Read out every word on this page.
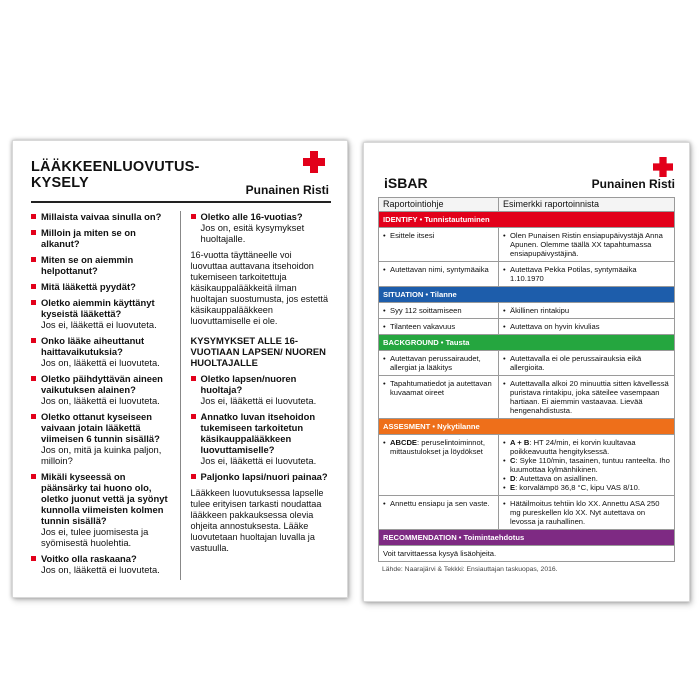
LÄÄKKEENLUOVUTUS-
KYSELY	Punainen Risti
Millaista vaivaa sinulla on?
Milloin ja miten se on alkanut?
Miten se on aiemmin helpottanut?
Mitä lääkettä pyydät?
Oletko aiemmin käyttänyt kyseistä lääkettä?
Jos ei, lääkettä ei luovuteta.
Onko lääke aiheuttanut haittavaikutuksia?
Jos on, lääkettä ei luovuteta.
Oletko päihdyttävän aineen vaikutuksen alainen?
Jos on, lääkettä ei luovuteta.
Oletko ottanut kyseiseen vaivaan jotain lääkettä viimeisen 6 tunnin sisällä?
Jos on, mitä ja kuinka paljon, milloin?
Mikäli kyseessä on päänsärky tai huono olo, oletko juonut vettä ja syönyt kunnolla viimeisten kolmen tunnin sisällä?
Jos ei, tulee juomisesta ja syömisestä huolehtia.
Voitko olla raskaana?
Jos on, lääkettä ei luovuteta.
Oletko alle 16-vuotias?
Jos on, esitä kysymykset huoltajalle.
16-vuotta täyttäneelle voi luovuttaa auttavana itsehoidon tukemiseen tarkoitettuja käsikauppalääkkeitä ilman huoltajan suostumusta, jos estettä käsikauppalääkkeen luovuttamiselle ei ole.
KYSYMYKSET ALLE 16-VUOTIAAN LAPSEN/ NUOREN HUOLTAJALLE
Oletko lapsen/nuoren huoltaja?
Jos ei, lääkettä ei luovuteta.
Annatko luvan itsehoidon tukemiseen tarkoitetun käsikauppalääkkeen luovuttamiselle?
Jos ei, lääkettä ei luovuteta.
Paljonko lapsi/nuori painaa?
Lääkkeen luovutuksessa lapselle tulee erityisen tarkasti noudattaa lääkkeen pakkauksessa olevia ohjeita annostuksesta. Lääke luovutetaan huoltajan luvalla ja vastuulla.
iSBAR	Punainen Risti
Raportointiohje	Esimerkki raportoinnista
IDENTIFY • Tunnistautuminen	

• Esittele itsesi	• Olen Punaisen Ristin ensiapupäivystäjä Anna Apunen. Olemme täällä XX tapahtumassa ensiapupäivystäjinä.

• Autettavan nimi, syntymäaika	• Autettava Pekka Potilas, syntymäaika 1.10.1970

SITUATION • Tilanne	

• Syy 112 soittamiseen	• Äkillinen rintakipu

• Tilanteen vakavuus	• Autettava on hyvin kivulias

BACKGROUND • Tausta	

• Autettavan perussairaudet, allergiat ja lääkitys	• Autettavalla ei ole perussairauksia eikä allergioita.

• Tapahtumatiedot ja autettavan kuvaamat oireet	• Autettavalla alkoi 20 minuuttia sitten kävellessä puristava rintakipu, joka säteilee vasempaan hartiaan. Ei aiemmin vastaavaa. Lievää hengenahdistusta.

ASSESMENT • Nykytilanne	

• ABCDE: peruselintoiminnot, mittaustulokset ja löydökset	• A + B: HT 24/min, ei korvin kuultavaa poikkeavuutta hengityksessä.
• C: Syke 110/min, tasainen, tuntuu ranteelta. Iho kuumottaa kylmänhikinen.
• D: Autettava on asiallinen.
• E: korvalämpö 36,8 °C, kipu VAS 8/10.

• Annettu ensiapu ja sen vaste.	• Hätäilmoitus tehtiin klo XX. Annettu ASA 250 mg pureskellen klo XX. Nyt autettava on levossa ja rauhallinen.

RECOMMENDATION • Toimintaehdotus	
Voit tarvittaessa kysyä lisäohjeita.	
Lähde: Naarajärvi & Tekkki: Ensiauttajan taskuopas, 2016.
